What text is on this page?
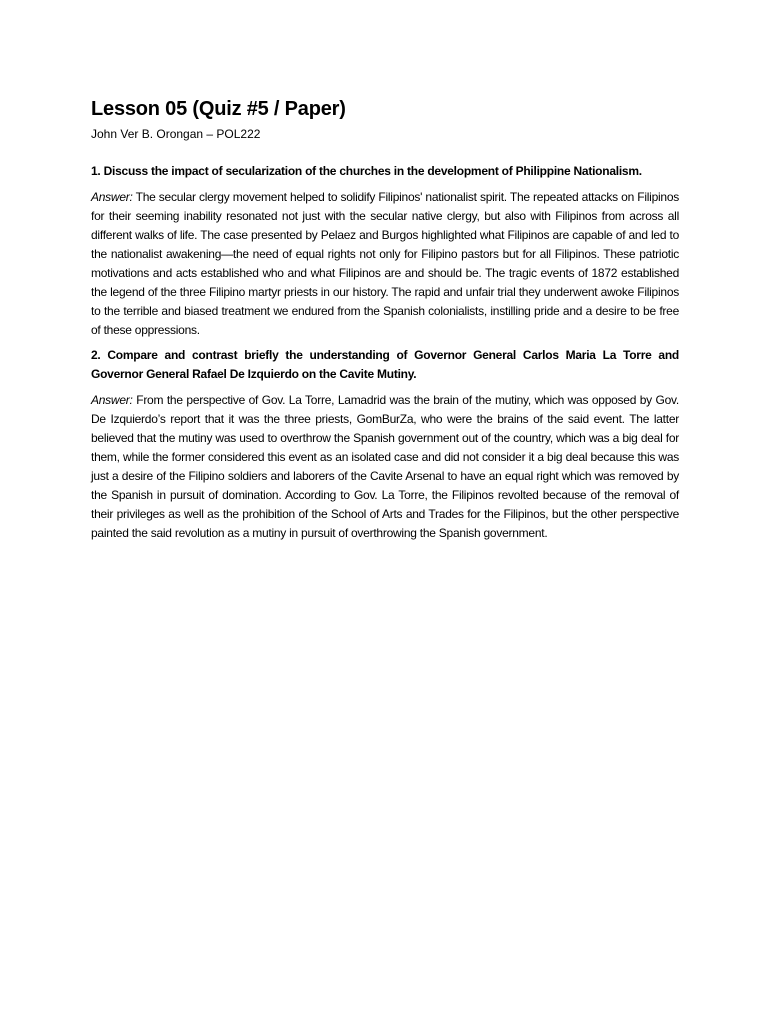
Lesson 05 (Quiz #5 / Paper)

John Ver B. Orongan – POL222

1. Discuss the impact of secularization of the churches in the development of Philippine Nationalism.

Answer: The secular clergy movement helped to solidify Filipinos' nationalist spirit. The repeated attacks on Filipinos for their seeming inability resonated not just with the secular native clergy, but also with Filipinos from across all different walks of life. The case presented by Pelaez and Burgos highlighted what Filipinos are capable of and led to the nationalist awakening—the need of equal rights not only for Filipino pastors but for all Filipinos. These patriotic motivations and acts established who and what Filipinos are and should be. The tragic events of 1872 established the legend of the three Filipino martyr priests in our history. The rapid and unfair trial they underwent awoke Filipinos to the terrible and biased treatment we endured from the Spanish colonialists, instilling pride and a desire to be free of these oppressions.

2. Compare and contrast briefly the understanding of Governor General Carlos Maria La Torre and Governor General Rafael De Izquierdo on the Cavite Mutiny.

Answer: From the perspective of Gov. La Torre, Lamadrid was the brain of the mutiny, which was opposed by Gov. De Izquierdo’s report that it was the three priests, GomBurZa, who were the brains of the said event. The latter believed that the mutiny was used to overthrow the Spanish government out of the country, which was a big deal for them, while the former considered this event as an isolated case and did not consider it a big deal because this was just a desire of the Filipino soldiers and laborers of the Cavite Arsenal to have an equal right which was removed by the Spanish in pursuit of domination. According to Gov. La Torre, the Filipinos revolted because of the removal of their privileges as well as the prohibition of the School of Arts and Trades for the Filipinos, but the other perspective painted the said revolution as a mutiny in pursuit of overthrowing the Spanish government.
